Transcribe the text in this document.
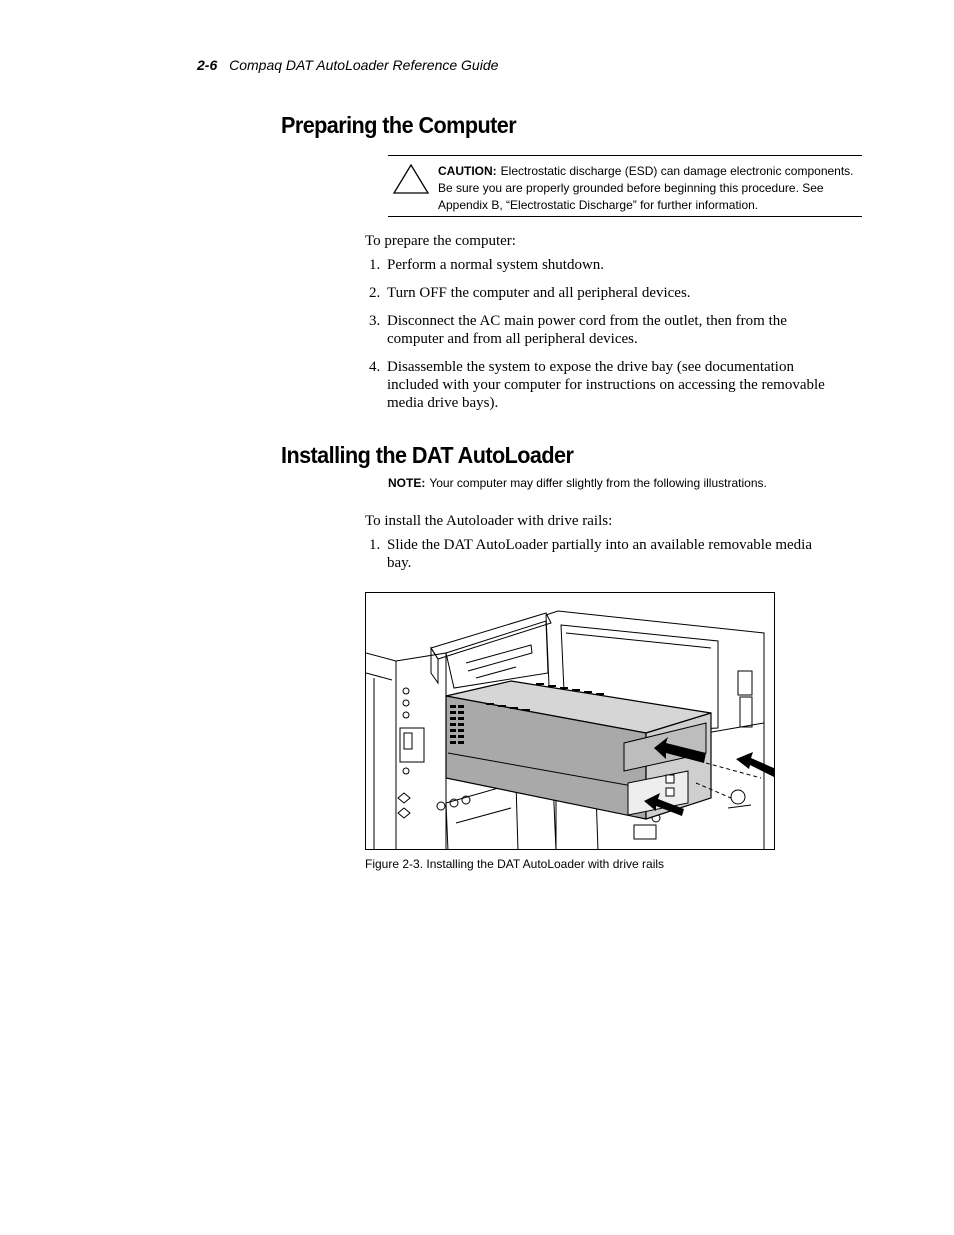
2-6 Compaq DAT AutoLoader Reference Guide
Preparing the Computer
CAUTION: Electrostatic discharge (ESD) can damage electronic components. Be sure you are properly grounded before beginning this procedure. See Appendix B, “Electrostatic Discharge” for further information.
To prepare the computer:
1. Perform a normal system shutdown.
2. Turn OFF the computer and all peripheral devices.
3. Disconnect the AC main power cord from the outlet, then from the computer and from all peripheral devices.
4. Disassemble the system to expose the drive bay (see documentation included with your computer for instructions on accessing the removable media drive bays).
Installing the DAT AutoLoader
NOTE: Your computer may differ slightly from the following illustrations.
To install the Autoloader with drive rails:
1. Slide the DAT AutoLoader partially into an available removable media bay.
Figure 2-3. Installing the DAT AutoLoader with drive rails
